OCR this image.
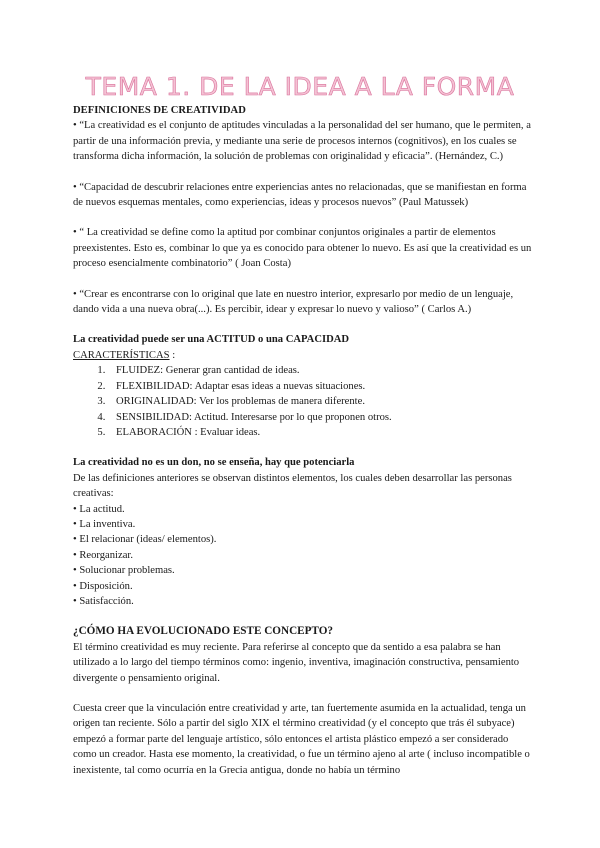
TEMA 1. DE LA IDEA A LA FORMA

DEFINICIONES DE CREATIVIDAD

• “La creatividad es el conjunto de aptitudes vinculadas a la personalidad del ser humano, que le permiten, a partir de una información previa, y mediante una serie de procesos internos (cognitivos), en los cuales se transforma dicha información, la solución de problemas con originalidad y eficacia”. (Hernández, C.)

• “Capacidad de descubrir relaciones entre experiencias antes no relacionadas, que se manifiestan en forma de nuevos esquemas mentales, como experiencias, ideas y procesos nuevos” (Paul Matussek)

• “ La creatividad se define como la aptitud por combinar conjuntos originales a partir de elementos preexistentes. Esto es, combinar lo que ya es conocido para obtener lo nuevo. Es así que la creatividad es un proceso esencialmente combinatorio” ( Joan Costa)

• “Crear es encontrarse con lo original que late en nuestro interior, expresarlo por medio de un lenguaje, dando vida a una nueva obra(...). Es percibir, idear y expresar lo nuevo y valioso” ( Carlos A.)

La creatividad puede ser una ACTITUD o una CAPACIDAD

CARACTERÍSTICAS :

1. FLUIDEZ: Generar gran cantidad de ideas.
2. FLEXIBILIDAD: Adaptar esas ideas a nuevas situaciones.
3. ORIGINALIDAD: Ver los problemas de manera diferente.
4. SENSIBILIDAD: Actitud. Interesarse por lo que proponen otros.
5. ELABORACIÓN : Evaluar ideas.

La creatividad no es un don, no se enseña, hay que potenciarla

De las definiciones anteriores se observan distintos elementos, los cuales deben desarrollar las personas creativas:

• La actitud.

• La inventiva.

• El relacionar (ideas/ elementos).

• Reorganizar.

• Solucionar problemas.

• Disposición.

• Satisfacción.

¿CÓMO HA EVOLUCIONADO ESTE CONCEPTO?

El término creatividad es muy reciente. Para referirse al concepto que da sentido a esa palabra se han utilizado a lo largo del tiempo términos como: ingenio, inventiva, imaginación constructiva, pensamiento divergente o pensamiento original.

Cuesta creer que la vinculación entre creatividad y arte, tan fuertemente asumida en la actualidad, tenga un origen tan reciente. Sólo a partir del siglo XIX el término creatividad (y el concepto que trás él subyace) empezó a formar parte del lenguaje artístico, sólo entonces el artista plástico empezó a ser considerado como un creador. Hasta ese momento, la creatividad, o fue un término ajeno al arte ( incluso incompatible o inexistente, tal como ocurría en la Grecia antigua, donde no había un término
